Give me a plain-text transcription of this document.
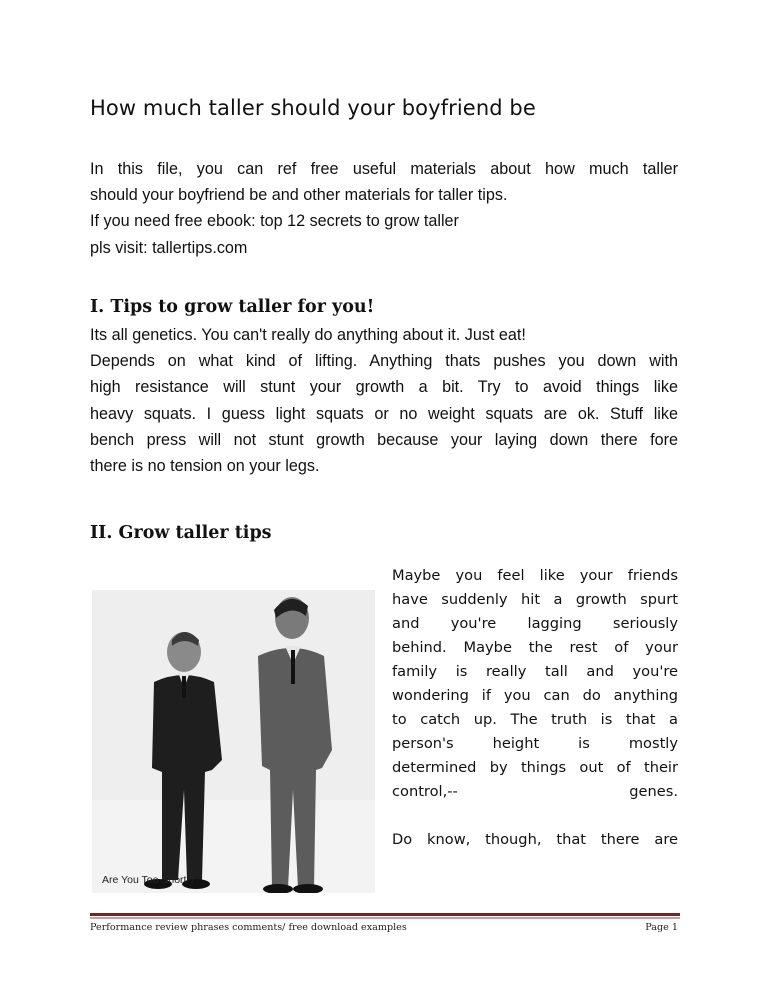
How much taller should your boyfriend be
In this file, you can ref free useful materials about how much taller
should your boyfriend be and other materials for taller tips.
If you need free ebook: top 12 secrets to grow taller
pls visit: tallertips.com
I. Tips to grow taller for you!
Its all genetics. You can't really do anything about it. Just eat!
Depends on what kind of lifting. Anything thats pushes you down with
high resistance will stunt your growth a bit. Try to avoid things like
heavy squats. I guess light squats or no weight squats are ok. Stuff like
bench press will not stunt growth because your laying down there fore
there is no tension on your legs.
II. Grow taller tips
Are You Too Short ?
Maybe you feel like your friends
have suddenly hit a growth spurt
and you're lagging seriously
behind. Maybe the rest of your
family is really tall and you're
wondering if you can do anything
to catch up. The truth is that a
person's height is mostly
determined by things out of their
control,-- genes.
Do know, though, that there are
Performance review phrases comments/ free download examples	Page 1
